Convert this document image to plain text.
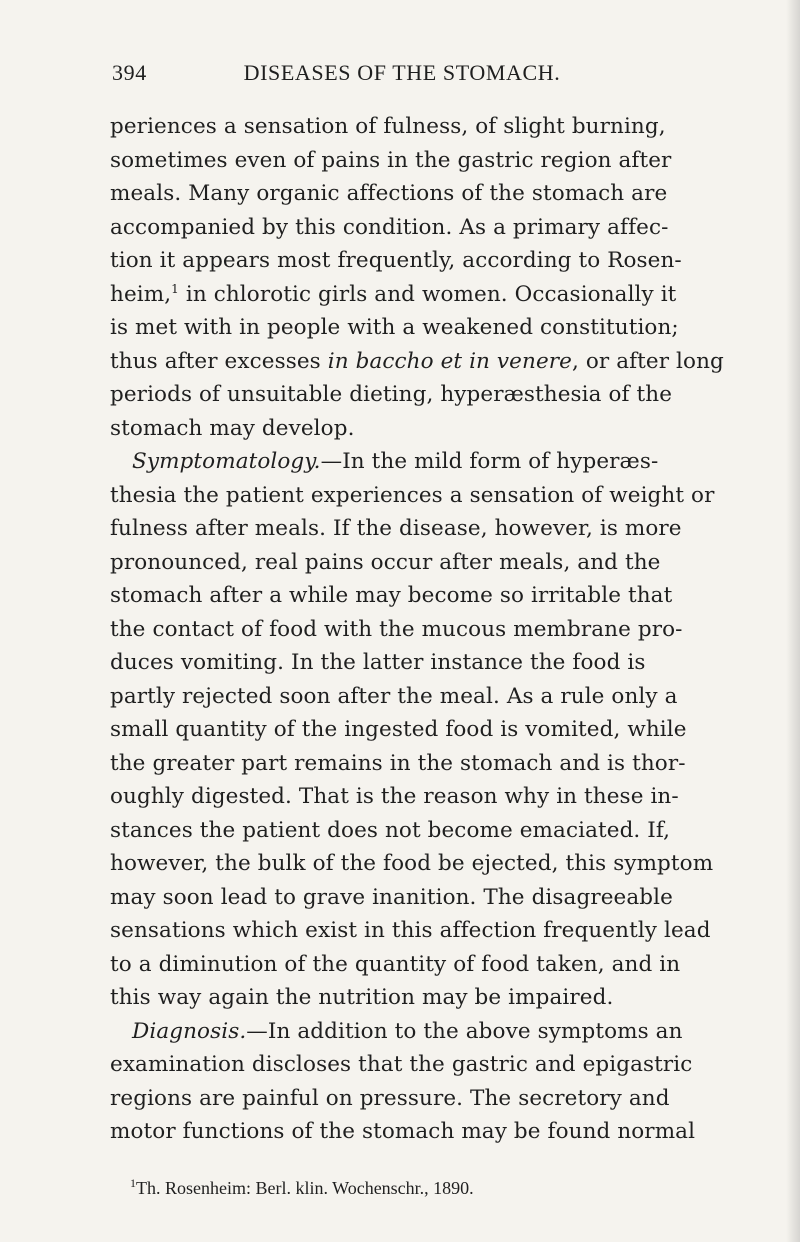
394	DISEASES OF THE STOMACH.
periences a sensation of fulness, of slight burning,
sometimes even of pains in the gastric region after
meals. Many organic affections of the stomach are
accompanied by this condition. As a primary affec-
tion it appears most frequently, according to Rosen-
heim,$^1$ in chlorotic girls and women. Occasionally it
is met with in people with a weakened constitution;
thus after excesses in baccho et in venere, or after long
periods of unsuitable dieting, hyperæsthesia of the
stomach may develop.
Symptomatology.—In the mild form of hyperæs-
thesia the patient experiences a sensation of weight or
fulness after meals. If the disease, however, is more
pronounced, real pains occur after meals, and the
stomach after a while may become so irritable that
the contact of food with the mucous membrane pro-
duces vomiting. In the latter instance the food is
partly rejected soon after the meal. As a rule only a
small quantity of the ingested food is vomited, while
the greater part remains in the stomach and is thor-
oughly digested. That is the reason why in these in-
stances the patient does not become emaciated. If,
however, the bulk of the food be ejected, this symptom
may soon lead to grave inanition. The disagreeable
sensations which exist in this affection frequently lead
to a diminution of the quantity of food taken, and in
this way again the nutrition may be impaired.
Diagnosis.—In addition to the above symptoms an
examination discloses that the gastric and epigastric
regions are painful on pressure. The secretory and
motor functions of the stomach may be found normal
$^1$Th. Rosenheim: Berl. klin. Wochenschr., 1890.
